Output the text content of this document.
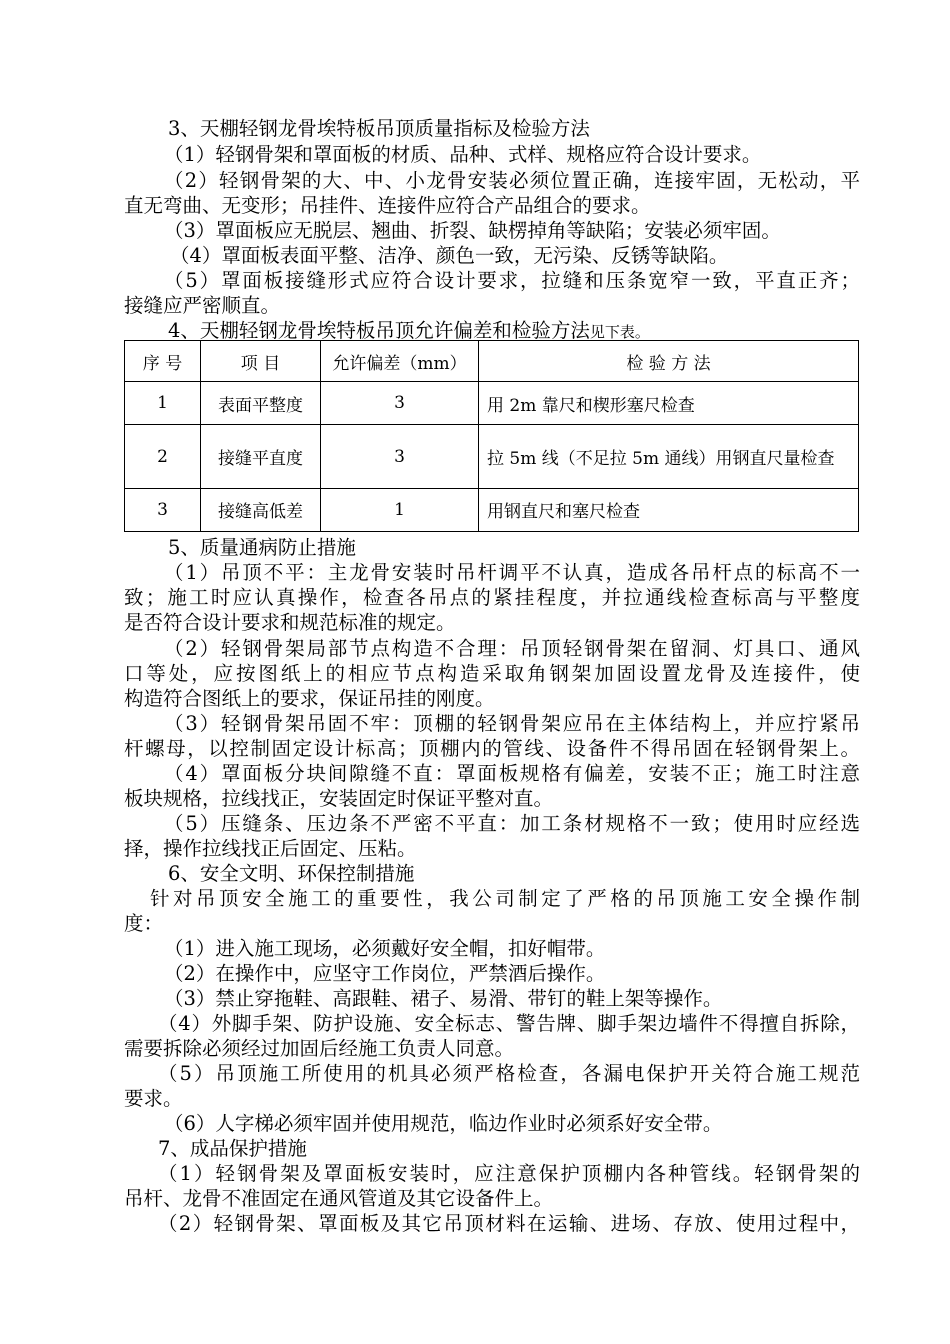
3、天棚轻钢龙骨埃特板吊顶质量指标及检验方法
（1）轻钢骨架和罩面板的材质、品种、式样、规格应符合设计要求。
（2）轻钢骨架的大、中、小龙骨安装必须位置正确，连接牢固，无松动，平
直无弯曲、无变形；吊挂件、连接件应符合产品组合的要求。
（3）罩面板应无脱层、翘曲、折裂、缺楞掉角等缺陷；安装必须牢固。
（4）罩面板表面平整、洁净、颜色一致，无污染、反锈等缺陷。
（5）罩面板接缝形式应符合设计要求，拉缝和压条宽窄一致，平直正齐；
接缝应严密顺直。
4、天棚轻钢龙骨埃特板吊顶允许偏差和检验方法见下表。
序 号	项 目	允许偏差（mm）	检 验 方 法
1	表面平整度	3	用 2m 靠尺和楔形塞尺检查
2	接缝平直度	3	拉 5m 线（不足拉 5m 通线）用钢直尺量检查
3	接缝高低差	1	用钢直尺和塞尺检查
5、质量通病防止措施
（1）吊顶不平：主龙骨安装时吊杆调平不认真，造成各吊杆点的标高不一
致；施工时应认真操作，检查各吊点的紧挂程度，并拉通线检查标高与平整度
是否符合设计要求和规范标准的规定。
（2）轻钢骨架局部节点构造不合理：吊顶轻钢骨架在留洞、灯具口、通风
口等处，应按图纸上的相应节点构造采取角钢架加固设置龙骨及连接件，使
构造符合图纸上的要求，保证吊挂的刚度。
（3）轻钢骨架吊固不牢：顶棚的轻钢骨架应吊在主体结构上，并应拧紧吊
杆螺母，以控制固定设计标高；顶棚内的管线、设备件不得吊固在轻钢骨架上。
（4）罩面板分块间隙缝不直：罩面板规格有偏差，安装不正；施工时注意
板块规格，拉线找正，安装固定时保证平整对直。
（5）压缝条、压边条不严密不平直：加工条材规格不一致；使用时应经选
择，操作拉线找正后固定、压粘。
6、安全文明、环保控制措施
针对吊顶安全施工的重要性，我公司制定了严格的吊顶施工安全操作制
度：
（1）进入施工现场，必须戴好安全帽，扣好帽带。
（2）在操作中，应坚守工作岗位，严禁酒后操作。
（3）禁止穿拖鞋、高跟鞋、裙子、易滑、带钉的鞋上架等操作。
（4）外脚手架、防护设施、安全标志、警告牌、脚手架边墙件不得擅自拆除，
需要拆除必须经过加固后经施工负责人同意。
（5）吊顶施工所使用的机具必须严格检查，各漏电保护开关符合施工规范
要求。
（6）人字梯必须牢固并使用规范，临边作业时必须系好安全带。
7、成品保护措施
（1）轻钢骨架及罩面板安装时，应注意保护顶棚内各种管线。轻钢骨架的
吊杆、龙骨不准固定在通风管道及其它设备件上。
（2）轻钢骨架、罩面板及其它吊顶材料在运输、进场、存放、使用过程中，
